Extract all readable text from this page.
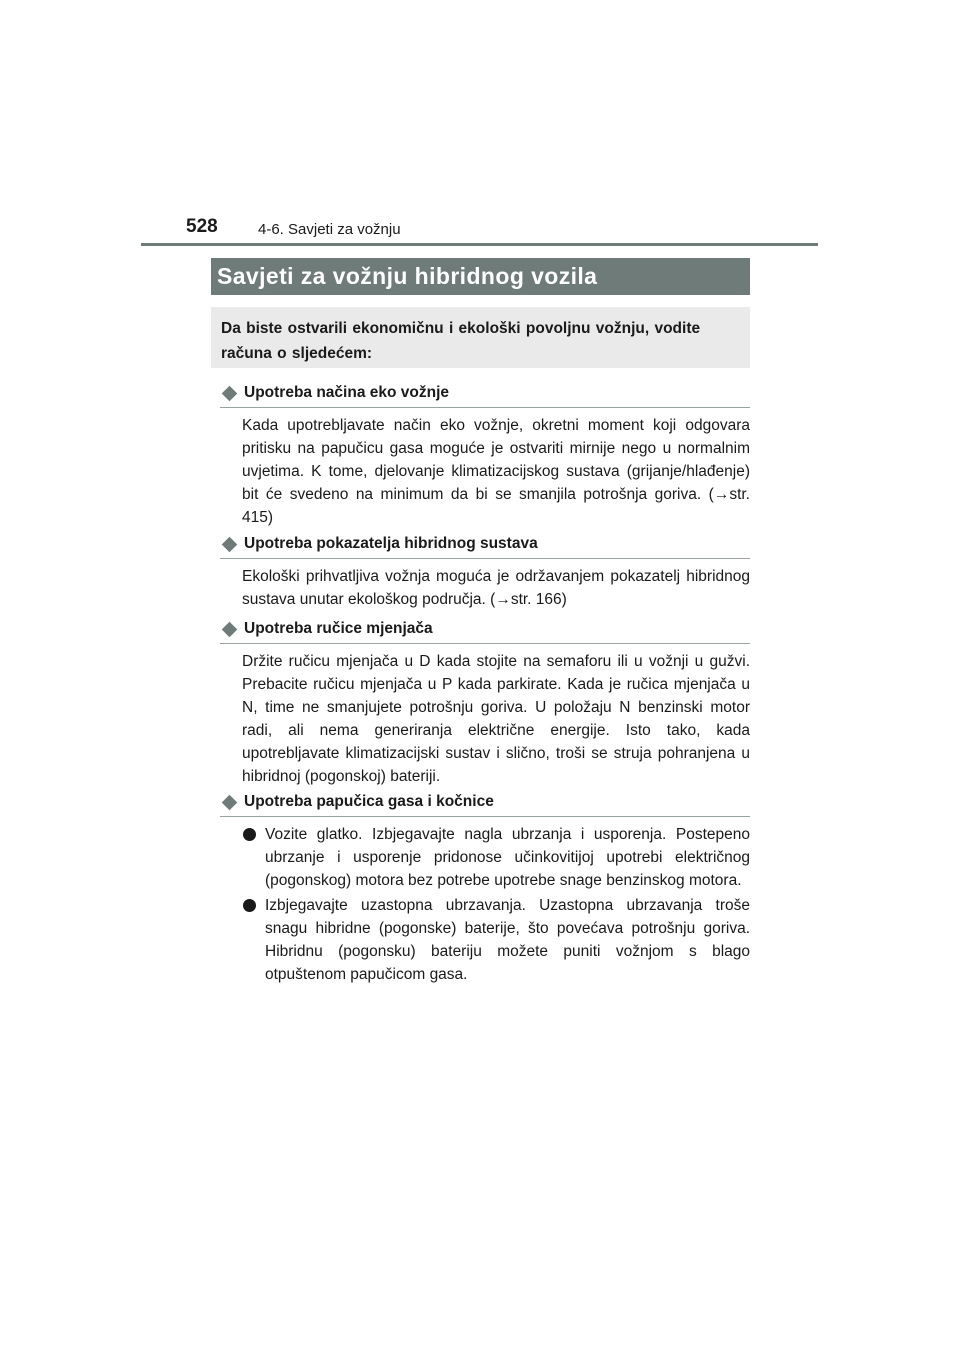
528	4-6. Savjeti za vožnju
Savjeti za vožnju hibridnog vozila
Da biste ostvarili ekonomičnu i ekološki povoljnu vožnju, vodite računa o sljedećem:
Upotreba načina eko vožnje
Kada upotrebljavate način eko vožnje, okretni moment koji odgovara pritisku na papučicu gasa moguće je ostvariti mirnije nego u normalnim uvjetima. K tome, djelovanje klimatizacijskog sustava (grijanje/hlađenje) bit će svedeno na minimum da bi se smanjila potrošnja goriva. (→str. 415)
Upotreba pokazatelja hibridnog sustava
Ekološki prihvatljiva vožnja moguća je održavanjem pokazatelj hibridnog sustava unutar ekološkog područja. (→str. 166)
Upotreba ručice mjenjača
Držite ručicu mjenjača u D kada stojite na semaforu ili u vožnji u gužvi. Prebacite ručicu mjenjača u P kada parkirate. Kada je ručica mjenjača u N, time ne smanjujete potrošnju goriva. U položaju N benzinski motor radi, ali nema generiranja električne energije. Isto tako, kada upotrebljavate klimatizacijski sustav i slično, troši se struja pohranjena u hibridnoj (pogonskoj) bateriji.
Upotreba papučica gasa i kočnice
Vozite glatko. Izbjegavajte nagla ubrzanja i usporenja. Postepeno ubrzanje i usporenje pridonose učinkovitijoj upotrebi električnog (pogonskog) motora bez potrebe upotrebe snage benzinskog motora.
Izbjegavajte uzastopna ubrzavanja. Uzastopna ubrzavanja troše snagu hibridne (pogonske) baterije, što povećava potrošnju goriva. Hibridnu (pogonsku) bateriju možete puniti vožnjom s blago otpuštenom papučicom gasa.
